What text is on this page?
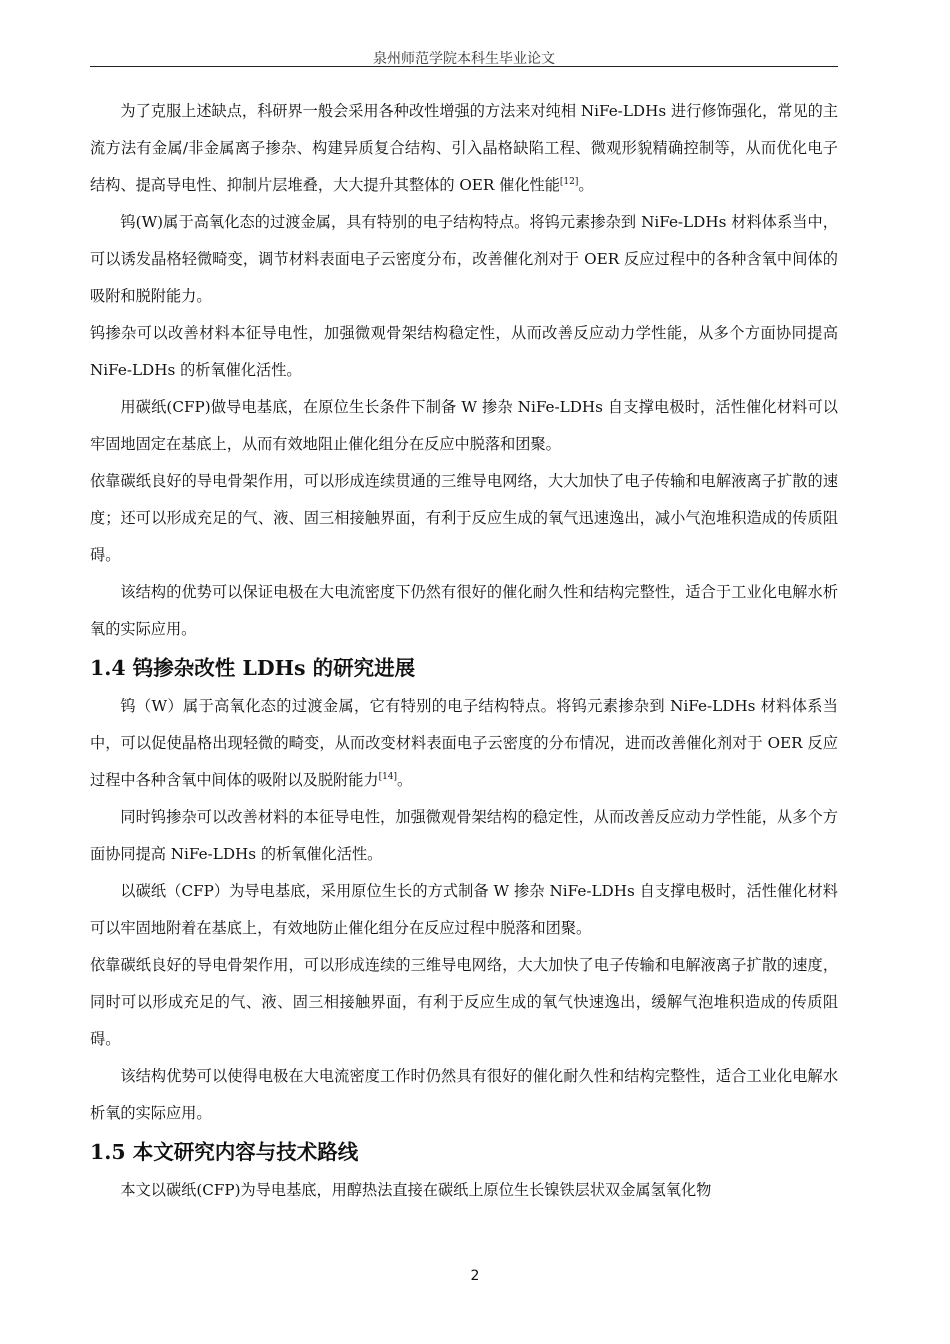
泉州师范学院本科生毕业论文

为了克服上述缺点，科研界一般会采用各种改性增强的方法来对纯相 NiFe-LDHs 进行修饰强化，常见的主流方法有金属/非金属离子掺杂、构建异质复合结构、引入晶格缺陷工程、微观形貌精确控制等，从而优化电子结构、提高导电性、抑制片层堆叠，大大提升其整体的 OER 催化性能[12]。

钨(W)属于高氧化态的过渡金属，具有特别的电子结构特点。将钨元素掺杂到 NiFe-LDHs 材料体系当中，可以诱发晶格轻微畸变，调节材料表面电子云密度分布，改善催化剂对于 OER 反应过程中的各种含氧中间体的吸附和脱附能力。

钨掺杂可以改善材料本征导电性，加强微观骨架结构稳定性，从而改善反应动力学性能，从多个方面协同提高 NiFe-LDHs 的析氧催化活性。

用碳纸(CFP)做导电基底，在原位生长条件下制备 W 掺杂 NiFe-LDHs 自支撑电极时，活性催化材料可以牢固地固定在基底上，从而有效地阻止催化组分在反应中脱落和团聚。

依靠碳纸良好的导电骨架作用，可以形成连续贯通的三维导电网络，大大加快了电子传输和电解液离子扩散的速度；还可以形成充足的气、液、固三相接触界面，有利于反应生成的氧气迅速逸出，减小气泡堆积造成的传质阻碍。

该结构的优势可以保证电极在大电流密度下仍然有很好的催化耐久性和结构完整性，适合于工业化电解水析氧的实际应用。

1.4 钨掺杂改性 LDHs 的研究进展

钨（W）属于高氧化态的过渡金属，它有特别的电子结构特点。将钨元素掺杂到 NiFe-LDHs 材料体系当中，可以促使晶格出现轻微的畸变，从而改变材料表面电子云密度的分布情况，进而改善催化剂对于 OER 反应过程中各种含氧中间体的吸附以及脱附能力[14]。

同时钨掺杂可以改善材料的本征导电性，加强微观骨架结构的稳定性，从而改善反应动力学性能，从多个方面协同提高 NiFe-LDHs 的析氧催化活性。

以碳纸（CFP）为导电基底，采用原位生长的方式制备 W 掺杂 NiFe-LDHs 自支撑电极时，活性催化材料可以牢固地附着在基底上，有效地防止催化组分在反应过程中脱落和团聚。

依靠碳纸良好的导电骨架作用，可以形成连续的三维导电网络，大大加快了电子传输和电解液离子扩散的速度，同时可以形成充足的气、液、固三相接触界面，有利于反应生成的氧气快速逸出，缓解气泡堆积造成的传质阻碍。

该结构优势可以使得电极在大电流密度工作时仍然具有很好的催化耐久性和结构完整性，适合工业化电解水析氧的实际应用。

1.5 本文研究内容与技术路线

本文以碳纸(CFP)为导电基底，用醇热法直接在碳纸上原位生长镍铁层状双金属氢氧化物

2
